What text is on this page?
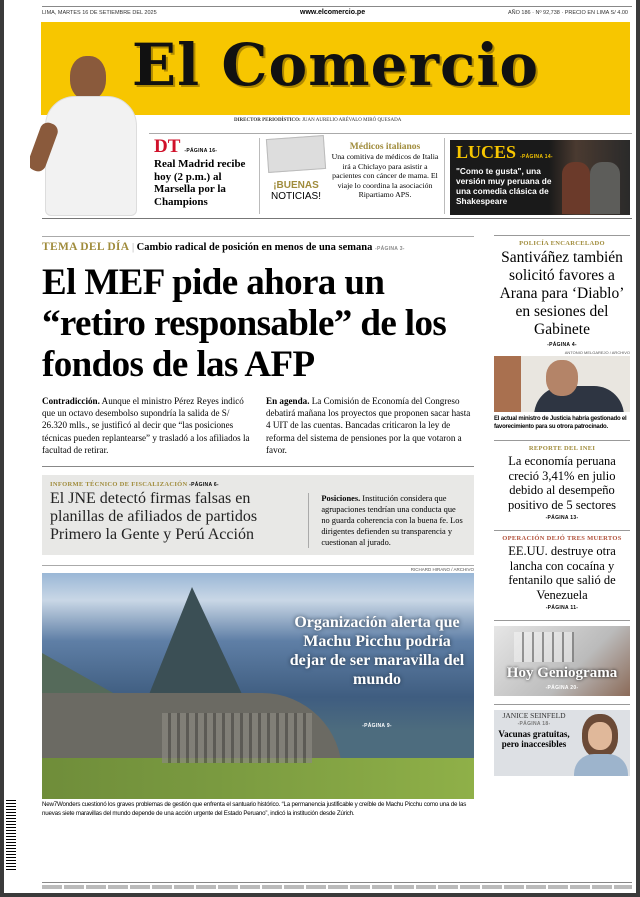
LIMA, MARTES 16 DE SETIEMBRE DEL 2025	www.elcomercio.pe	AÑO 186 · Nº 92,738 · PRECIO EN LIMA S/ 4.00
El Comercio
DIRECTOR PERIODÍSTICO: JUAN AURELIO ARÉVALO MIRÓ QUESADA
DT -PÁGINA 16-
Real Madrid recibe hoy (2 p.m.) al Marsella por la Champions
¡BUENAS
NOTICIAS!
Médicos italianos
Una comitiva de médicos de Italia irá a Chiclayo para asistir a pacientes con cáncer de mama. El viaje lo coordina la asociación Ripartiamo APS.
LUCES -PÁGINA 14-
"Como te gusta", una versión muy peruana de una comedia clásica de Shakespeare
TEMA DEL DÍA | Cambio radical de posición en menos de una semana -PÁGINA 3-
El MEF pide ahora un “retiro responsable” de los fondos de las AFP
Contradicción. Aunque el ministro Pérez Reyes indicó que un octavo desembolso supondría la salida de S/ 26.320 mlls., se justificó al decir que “las posiciones técnicas pueden replantearse” y trasladó a los afiliados la facultad de retirar.
En agenda. La Comisión de Economía del Congreso debatirá mañana los proyectos que proponen sacar hasta 4 UIT de las cuentas. Bancadas criticaron la ley de reforma del sistema de pensiones por la que votaron a favor.
INFORME TÉCNICO DE FISCALIZACIÓN -PÁGINA 6-
El JNE detectó firmas falsas en planillas de afiliados de partidos Primero la Gente y Perú Acción
Posiciones. Institución considera que agrupaciones tendrían una conducta que no guarda coherencia con la buena fe. Los dirigentes defienden su transparencia y cuestionan al jurado.
RICHARD HIRANO / ARCHIVO
Organización alerta que Machu Picchu podría dejar de ser maravilla del mundo
-PÁGINA 9-
New7Wonders cuestionó los graves problemas de gestión que enfrenta el santuario histórico. “La permanencia justificable y creíble de Machu Picchu como una de las nuevas siete maravillas del mundo depende de una acción urgente del Estado Peruano”, indicó la institución desde Zúrich.
POLICÍA ENCARCELADO
Santiváñez también solicitó favores a Arana para ‘Diablo’ en sesiones del Gabinete
-PÁGINA 4-
ANTONIO MELGAREJO / ARCHIVO
El actual ministro de Justicia habría gestionado el favorecimiento para su otrora patrocinado.
REPORTE DEL INEI
La economía peruana creció 3,41% en julio debido al desempeño positivo de 5 sectores
-PÁGINA 13-
OPERACIÓN DEJÓ TRES MUERTOS
EE.UU. destruye otra lancha con cocaína y fentanilo que salió de Venezuela
-PÁGINA 11-
Hoy Geniograma
-PÁGINA 20-
JANICE SEINFELD
-PÁGINA 18-
Vacunas gratuitas, pero inaccesibles
